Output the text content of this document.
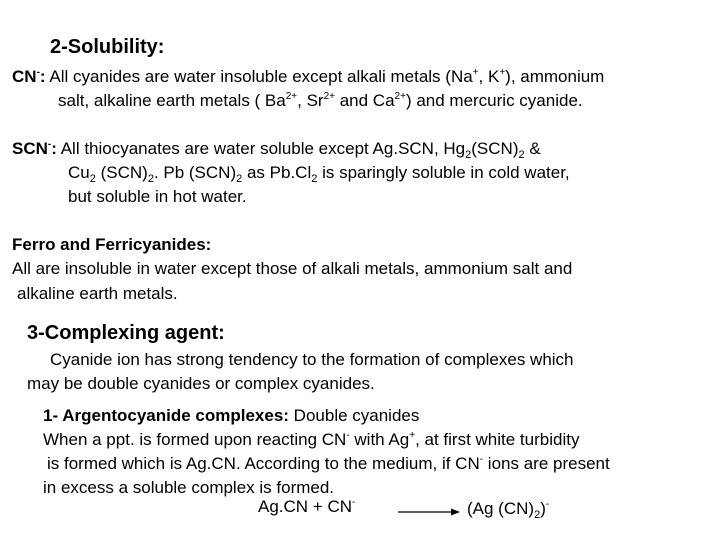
2-Solubility:
CN-: All cyanides are water insoluble except alkali metals (Na+, K+), ammonium
salt, alkaline earth metals ( $Ba^{2+}$, $Sr^{2+}$ and $Ca^{2+}$) and mercuric cyanide.
SCN-: All thiocyanates are water soluble except Ag.SCN, $Hg_2(SCN)_2$ &
$Cu_2$ $(SCN)_2$. Pb $(SCN)_2$ as $Pb.Cl_2$ is sparingly soluble in cold water,
but soluble in hot water.
Ferro and Ferricyanides:
All are insoluble in water except those of alkali metals, ammonium salt and
alkaline earth metals.
3-Complexing agent:
Cyanide ion has strong tendency to the formation of complexes which
may be double cyanides or complex cyanides.
1- Argentocyanide complexes: Double cyanides
When a ppt. is formed upon reacting CN- with Ag+, at first white turbidity
is formed which is Ag.CN. According to the medium, if CN- ions are present
in excess a soluble complex is formed.
Ag.CN + CN- → (Ag $(CN)_2)^-$
